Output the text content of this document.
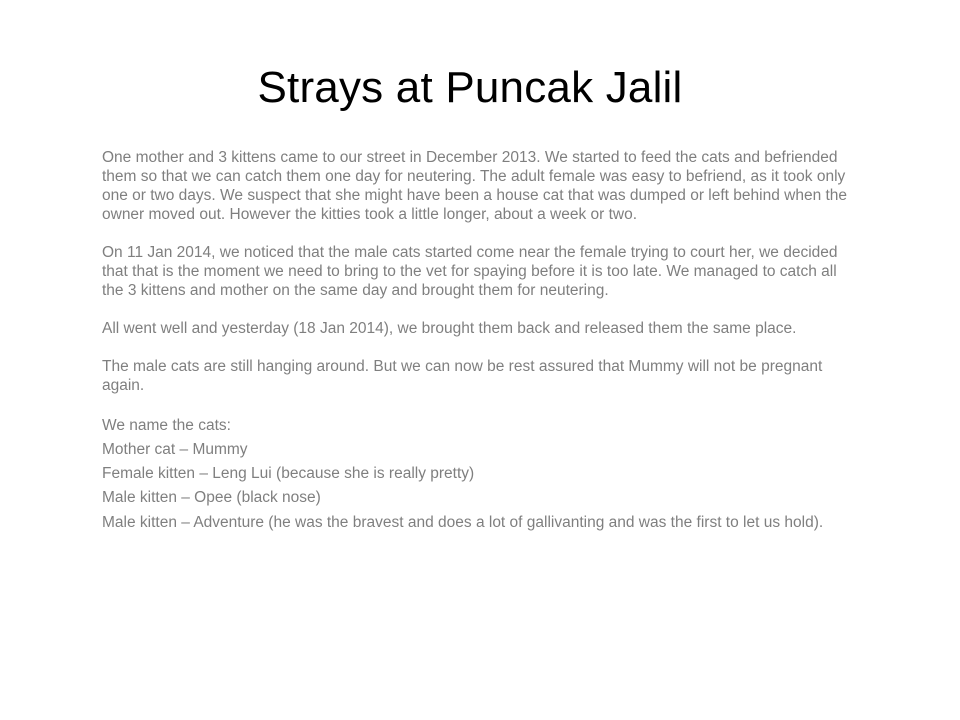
Strays at Puncak Jalil

One mother and 3 kittens came to our street in December 2013. We started to feed the cats and befriended them so that we can catch them one day for neutering. The adult female was easy to befriend, as it took only one or two days. We suspect that she might have been a house cat that was dumped or left behind when the owner moved out. However the kitties took a little longer, about a week or two.

On 11 Jan 2014, we noticed that the male cats started come near the female trying to court her, we decided that that is the moment we need to bring to the vet for spaying before it is too late. We managed to catch all the 3 kittens and mother on the same day and brought them for neutering.

All went well and yesterday (18 Jan 2014), we brought them back and released them the same place.

The male cats are still hanging around. But we can now be rest assured that Mummy will not be pregnant again.

We name the cats:
Mother cat – Mummy
Female kitten – Leng Lui (because she is really pretty)
Male kitten – Opee (black nose)
Male kitten – Adventure (he was the bravest and does a lot of gallivanting and was the first to let us hold).
